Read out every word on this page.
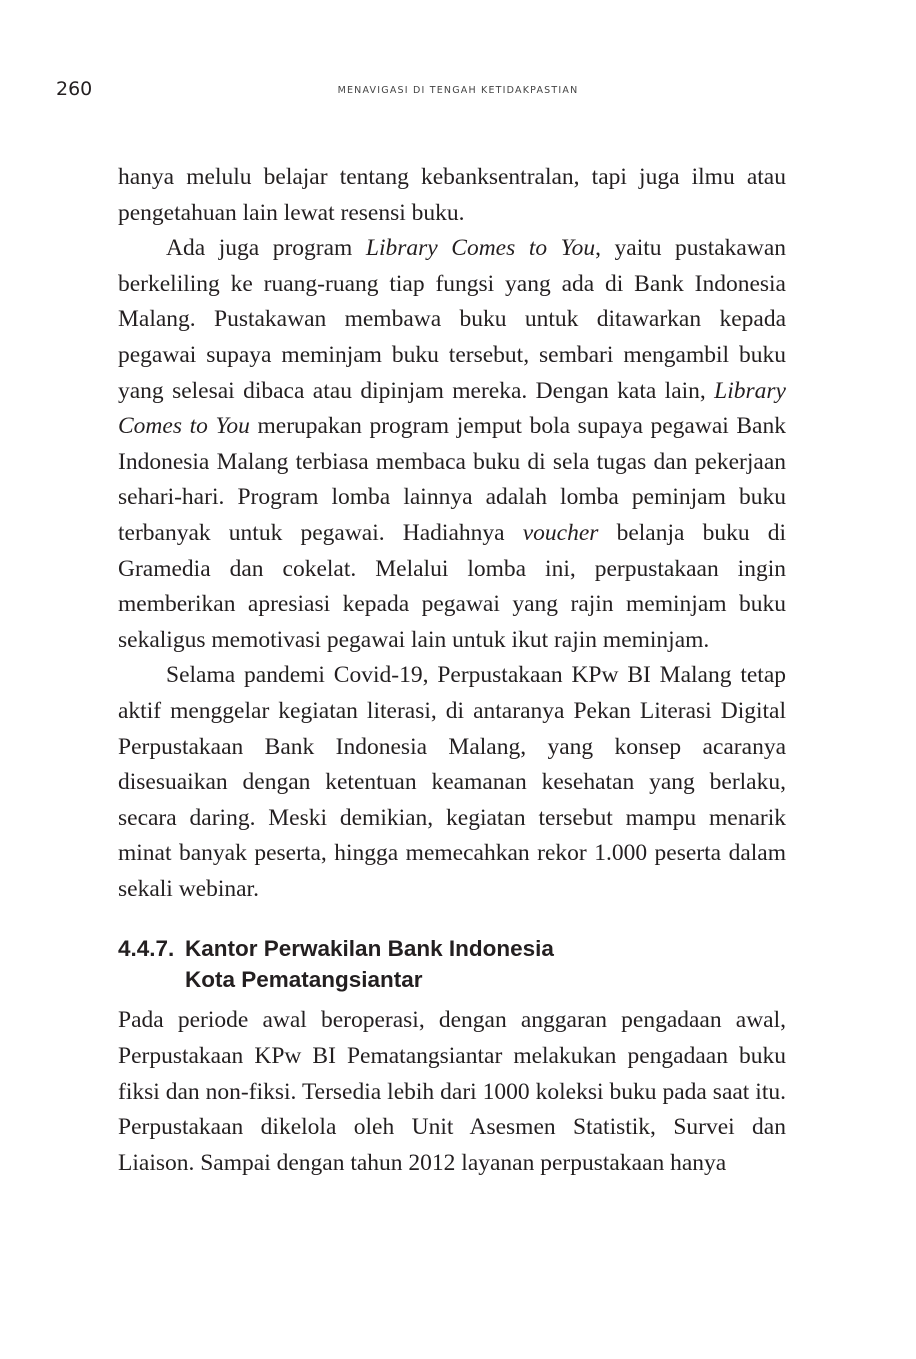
260	MENAVIGASI DI TENGAH KETIDAKPASTIAN

hanya melulu belajar tentang kebanksentralan, tapi juga ilmu atau pengetahuan lain lewat resensi buku.

Ada juga program Library Comes to You, yaitu pustakawan berkeliling ke ruang-ruang tiap fungsi yang ada di Bank Indonesia Malang. Pustakawan membawa buku untuk ditawarkan kepada pegawai supaya meminjam buku tersebut, sembari mengambil buku yang selesai dibaca atau dipinjam mereka. Dengan kata lain, Library Comes to You merupakan program jemput bola supaya pegawai Bank Indonesia Malang terbiasa membaca buku di sela tugas dan pekerjaan sehari-hari. Program lomba lainnya adalah lomba peminjam buku terbanyak untuk pegawai. Hadiahnya voucher belanja buku di Gramedia dan cokelat. Melalui lomba ini, perpustakaan ingin memberikan apresiasi kepada pegawai yang rajin meminjam buku sekaligus memotivasi pegawai lain untuk ikut rajin meminjam.

Selama pandemi Covid-19, Perpustakaan KPw BI Malang tetap aktif menggelar kegiatan literasi, di antaranya Pekan Literasi Digital Perpustakaan Bank Indonesia Malang, yang konsep acaranya disesuaikan dengan ketentuan keamanan kesehatan yang berlaku, secara daring. Meski demikian, kegiatan tersebut mampu menarik minat banyak peserta, hingga memecahkan rekor 1.000 peserta dalam sekali webinar.

4.4.7. Kantor Perwakilan Bank Indonesia
Kota Pematangsiantar

Pada periode awal beroperasi, dengan anggaran pengadaan awal, Perpustakaan KPw BI Pematangsiantar melakukan pengadaan buku fiksi dan non-fiksi. Tersedia lebih dari 1000 koleksi buku pada saat itu. Perpustakaan dikelola oleh Unit Asesmen Statistik, Survei dan Liaison. Sampai dengan tahun 2012 layanan perpustakaan hanya
